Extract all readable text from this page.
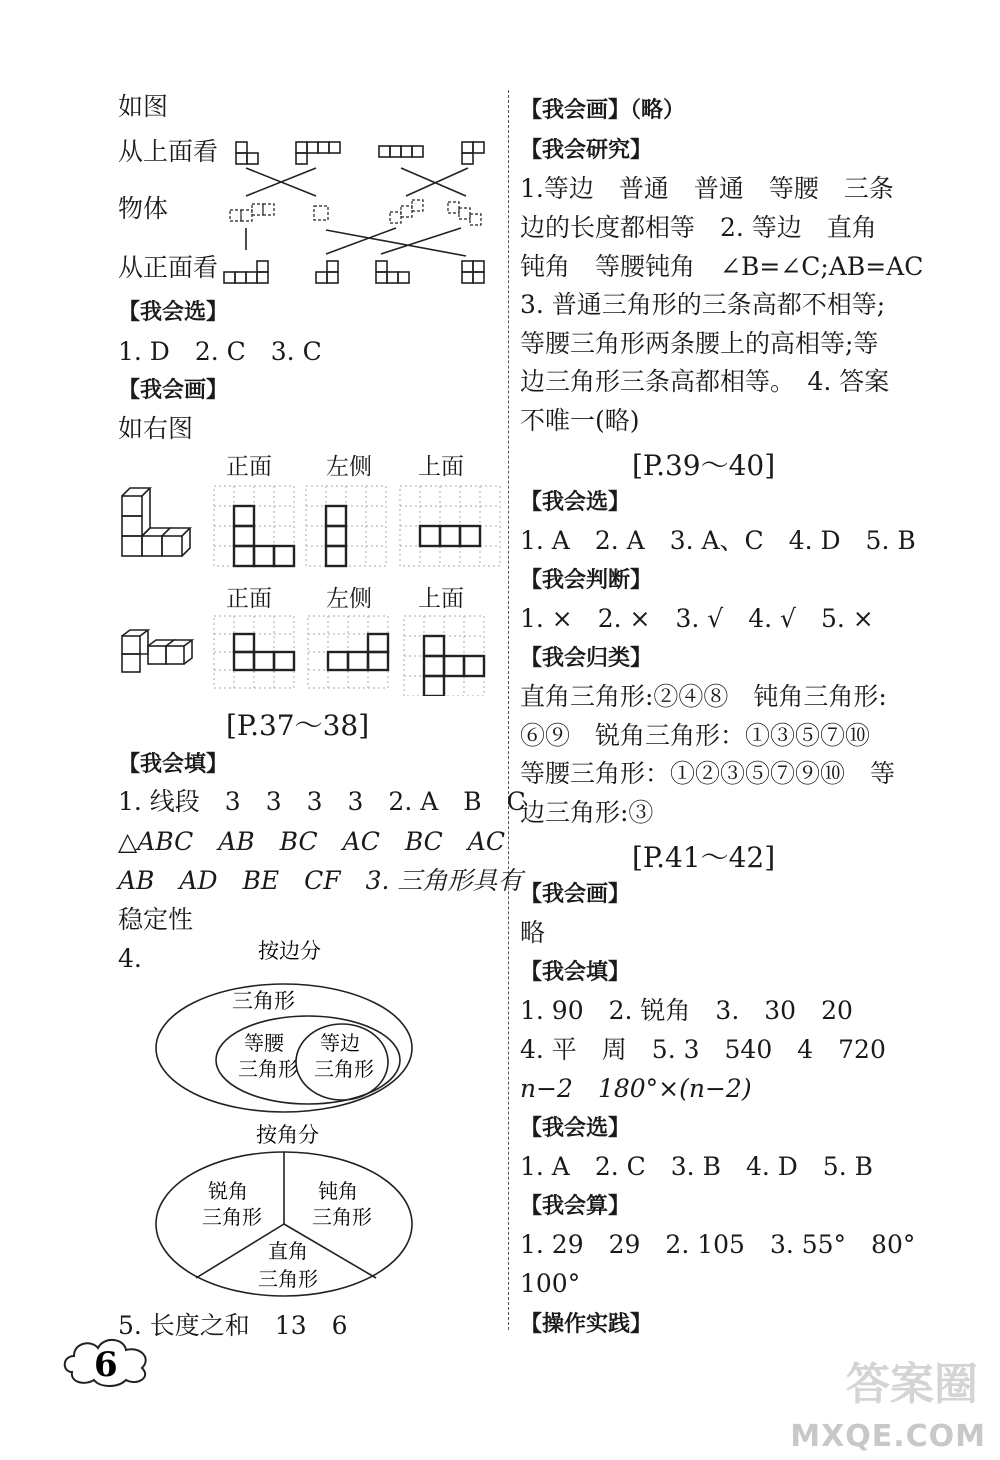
如图
从上面看
物体
从正面看
【我会选】
1. D　2. C　3. C
【我会画】
如右图
正面 左侧 上面
正面 左侧 上面
[P.37～38]
【我会填】
1. 线段　3　3　3　3　2. A　B　C
△ABC　AB　BC　AC　BC　AC
AB　AD　BE　CF　3. 三角形具有
稳定性
4.	按边分
三角形
等腰
三角形
等边
三角形
按角分
锐角
三角形
钝角
三角形
直角
三角形
5. 长度之和　13　6
【我会画】（略）
【我会研究】
1.等边　普通　普通　等腰　三条
边的长度都相等　2. 等边　直角
钝角　等腰钝角　∠B=∠C;AB=AC
3. 普通三角形的三条高都不相等;
等腰三角形两条腰上的高相等;等
边三角形三条高都相等。　4. 答案
不唯一(略)
[P.39～40]
【我会选】
1. A　2. A　3. A、C　4. D　5. B
【我会判断】
1. ×　2. ×　3. √　4. √　5. ×
【我会归类】
直角三角形:②④⑧　钝角三角形:
⑥⑨　锐角三角形：①③⑤⑦⑩
等腰三角形：①②③⑤⑦⑨⑩　等
边三角形:③
[P.41～42]
【我会画】
略
【我会填】
1. 90　2. 锐角　3.　30　20
4. 平　周　5. 3　540　4　720
n−2　180°×(n−2)
【我会选】
1. A　2. C　3. B　4. D　5. B
【我会算】
1. 29　29　2. 105　3. 55°　80°
100°
【操作实践】
6	答案圈
MXQE.COM
